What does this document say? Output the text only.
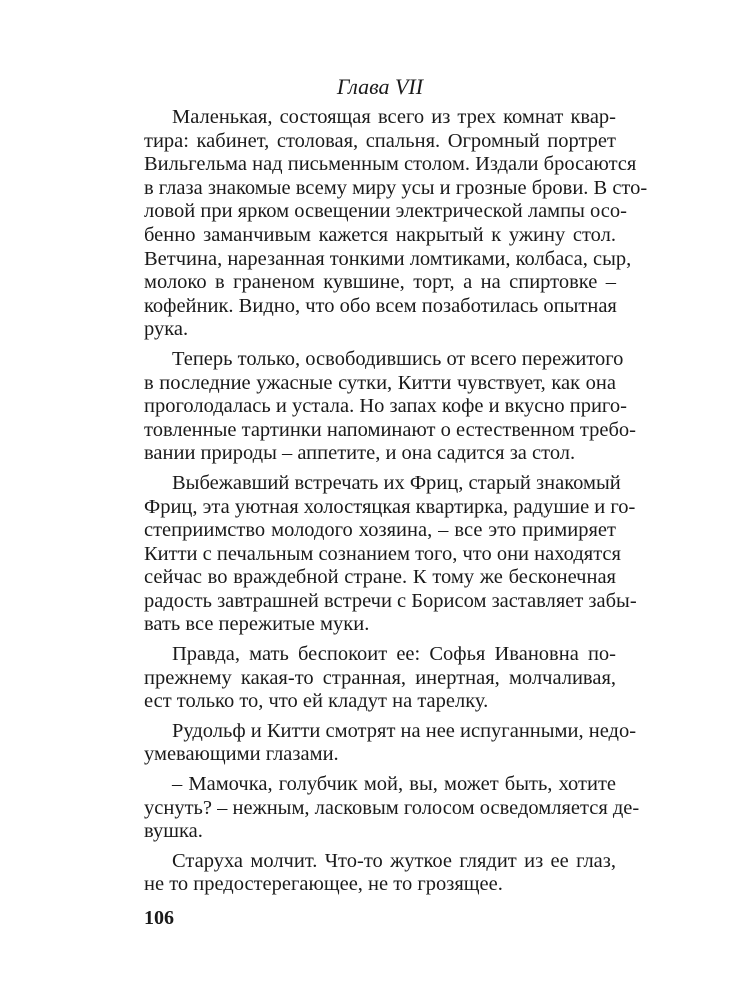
Глава VII
Маленькая, состоящая всего из трех комнат квар-
тира: кабинет, столовая, спальня. Огромный портрет
Вильгельма над письменным столом. Издали бросаются
в глаза знакомые всему миру усы и грозные брови. В сто-
ловой при ярком освещении электрической лампы осо-
бенно заманчивым кажется накрытый к ужину стол.
Ветчина, нарезанная тонкими ломтиками, колбаса, сыр,
молоко в граненом кувшине, торт, а на спиртовке –
кофейник. Видно, что обо всем позаботилась опытная
рука.
Теперь только, освободившись от всего пережитого
в последние ужасные сутки, Китти чувствует, как она
проголодалась и устала. Но запах кофе и вкусно приго-
товленные тартинки напоминают о естественном требо-
вании природы – аппетите, и она садится за стол.
Выбежавший встречать их Фриц, старый знакомый
Фриц, эта уютная холостяцкая квартирка, радушие и го-
степриимство молодого хозяина, – все это примиряет
Китти с печальным сознанием того, что они находятся
сейчас во враждебной стране. К тому же бесконечная
радость завтрашней встречи с Борисом заставляет забы-
вать все пережитые муки.
Правда, мать беспокоит ее: Софья Ивановна по-
прежнему какая-то странная, инертная, молчаливая,
ест только то, что ей кладут на тарелку.
Рудольф и Китти смотрят на нее испуганными, недо-
умевающими глазами.
– Мамочка, голубчик мой, вы, может быть, хотите
уснуть? – нежным, ласковым голосом осведомляется де-
вушка.
Старуха молчит. Что-то жуткое глядит из ее глаз,
не то предостерегающее, не то грозящее.
106
